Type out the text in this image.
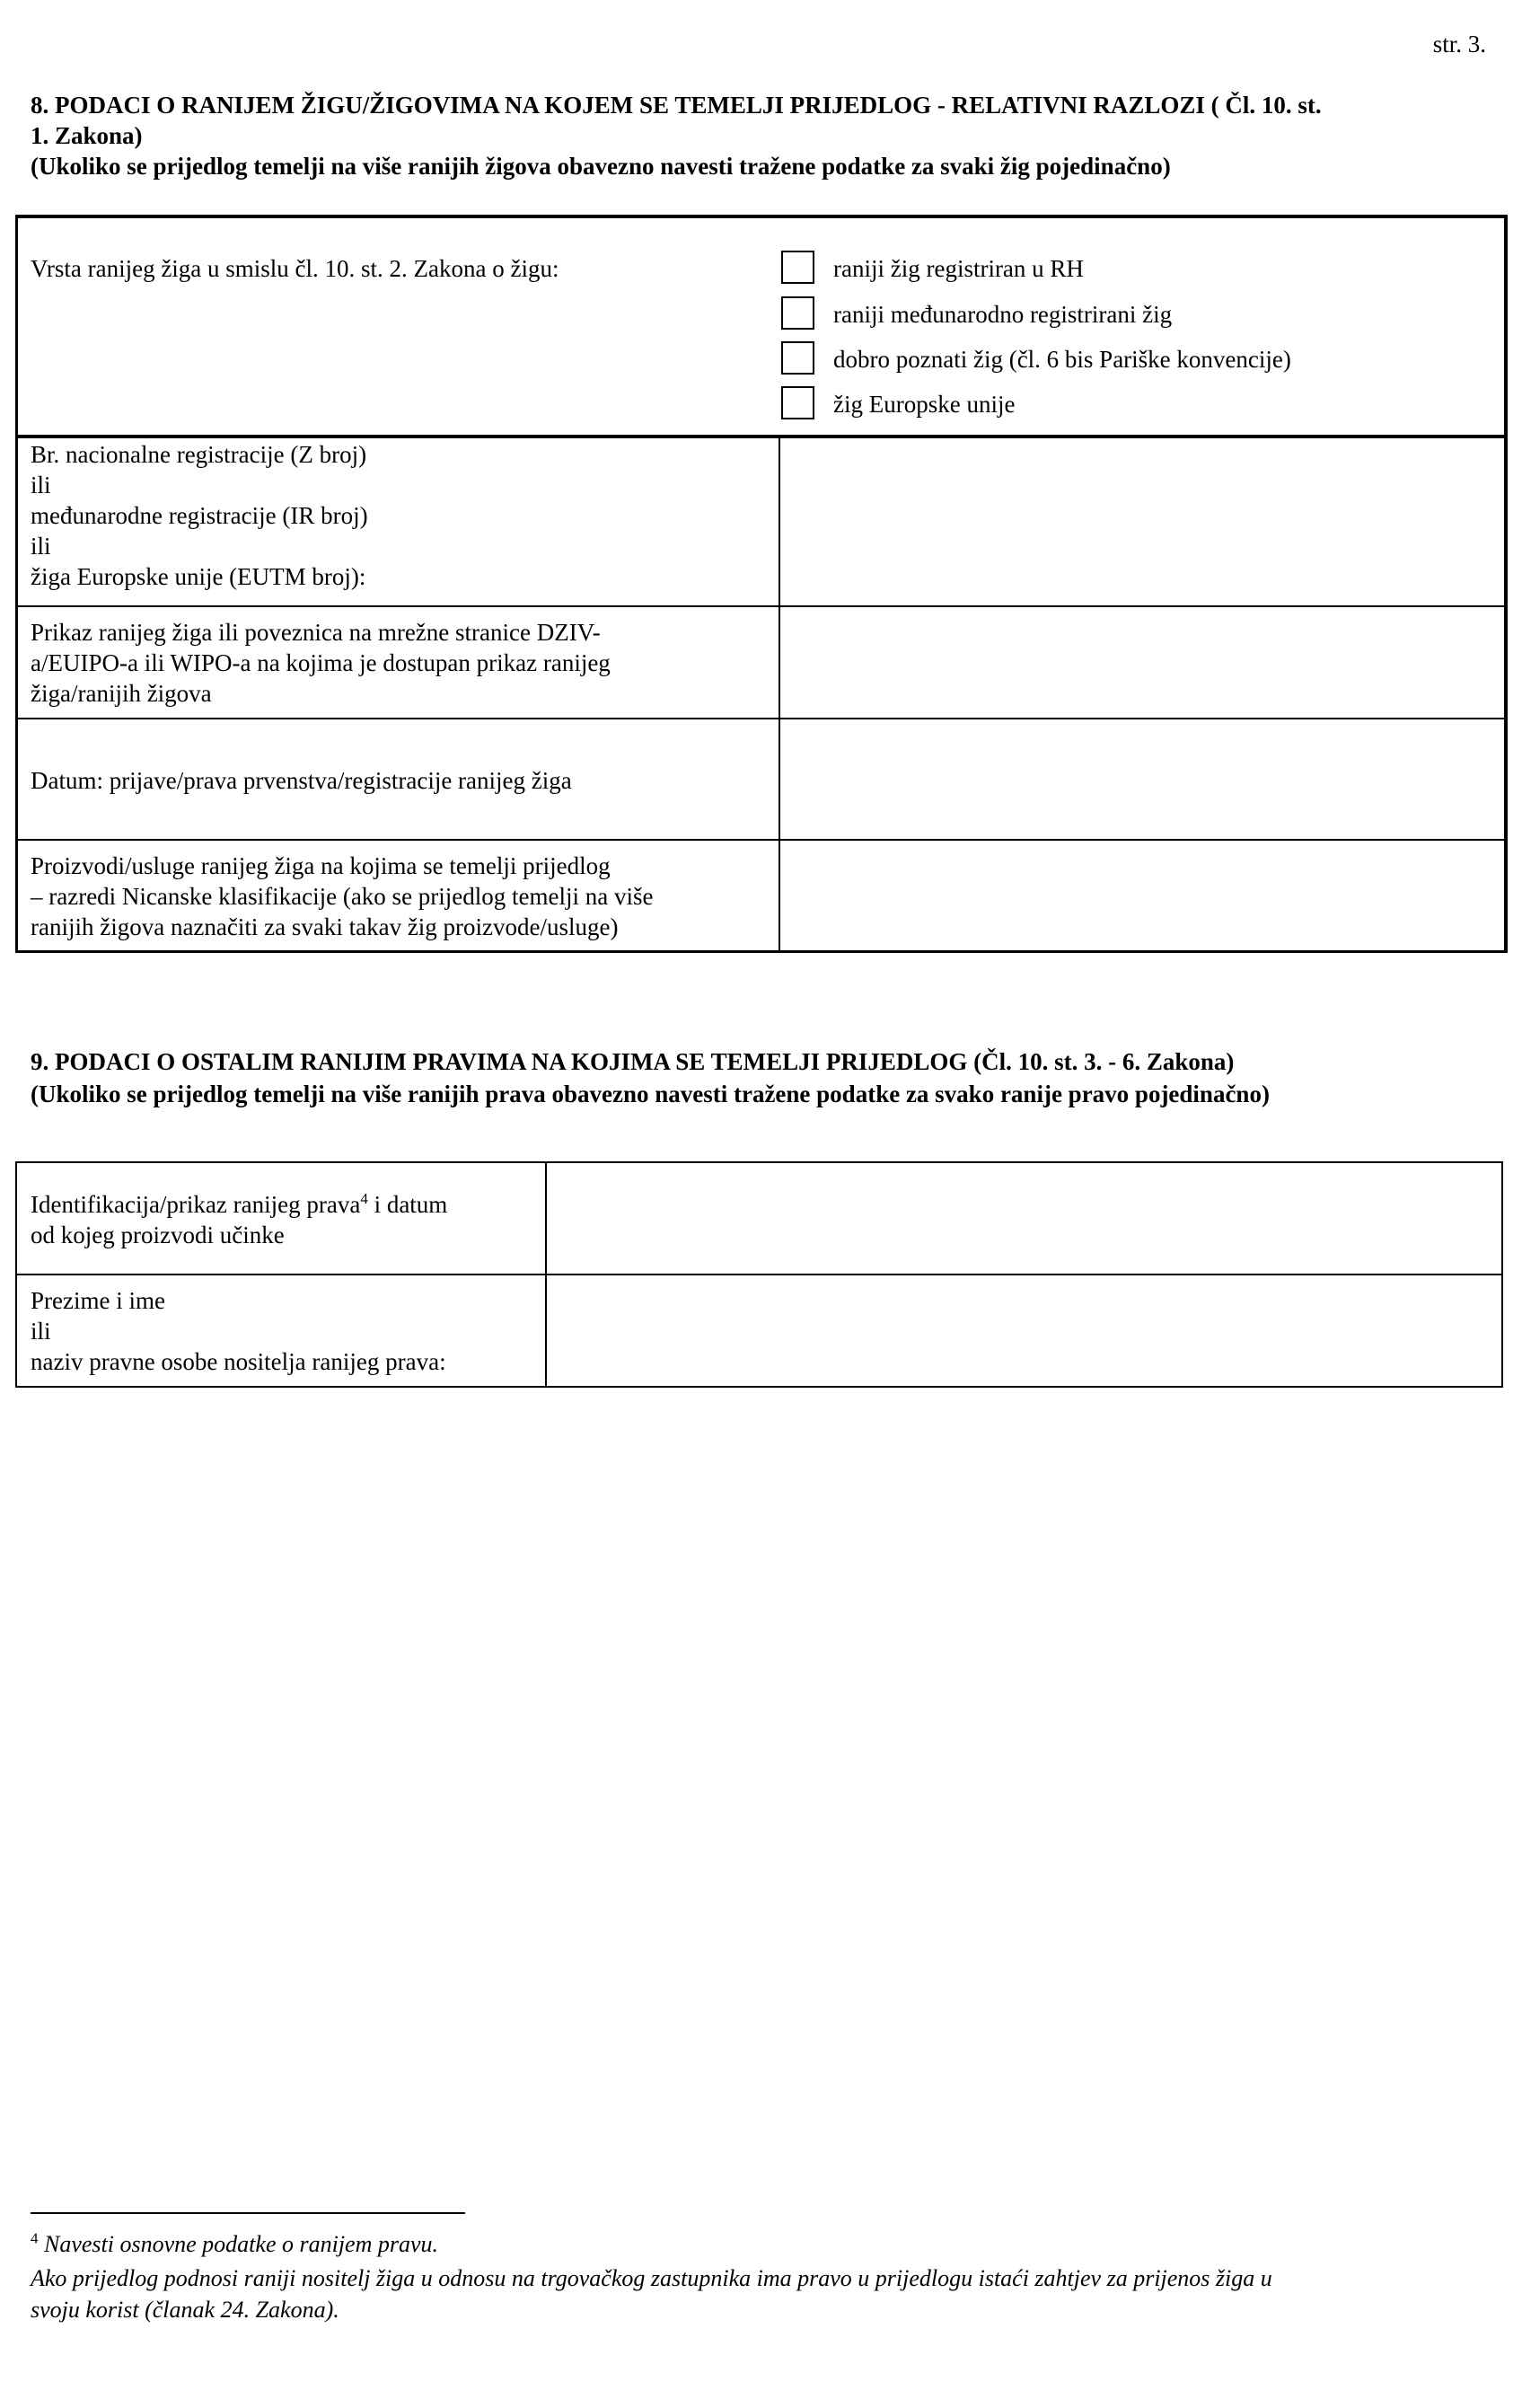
str. 3.
8. PODACI O RANIJEM ŽIGU/ŽIGOVIMA NA KOJEM SE TEMELJI PRIJEDLOG - RELATIVNI RAZLOZI ( Čl. 10. st.
1. Zakona)
(Ukoliko se prijedlog temelji na više ranijih žigova obavezno navesti tražene podatke za svaki žig pojedinačno)
Vrsta ranijeg žiga u smislu čl. 10. st. 2. Zakona o žigu:	raniji žig registriran u RH
raniji međunarodno registrirani žig
dobro poznati žig (čl. 6 bis Pariške konvencije)
žig Europske unije
Br. nacionalne registracije (Z broj)
ili
međunarodne registracije (IR broj)
ili
žiga Europske unije (EUTM broj):
Prikaz ranijeg žiga ili poveznica na mrežne stranice DZIV-
a/EUIPO-a ili WIPO-a na kojima je dostupan prikaz ranijeg
žiga/ranijih žigova
Datum: prijave/prava prvenstva/registracije ranijeg žiga
Proizvodi/usluge ranijeg žiga na kojima se temelji prijedlog
– razredi Nicanske klasifikacije (ako se prijedlog temelji na više
ranijih žigova naznačiti za svaki takav žig proizvode/usluge)
9. PODACI O OSTALIM RANIJIM PRAVIMA NA KOJIMA SE TEMELJI PRIJEDLOG (Čl. 10. st. 3. - 6. Zakona)
(Ukoliko se prijedlog temelji na više ranijih prava obavezno navesti tražene podatke za svako ranije pravo pojedinačno)
Identifikacija/prikaz ranijeg prava$^4$ i datum
od kojeg proizvodi učinke
Prezime i ime
ili
naziv pravne osobe nositelja ranijeg prava:
$^4$ Navesti osnovne podatke o ranijem pravu.
Ako prijedlog podnosi raniji nositelj žiga u odnosu na trgovačkog zastupnika ima pravo u prijedlogu istaći zahtjev za prijenos žiga u
svoju korist (članak 24. Zakona).
